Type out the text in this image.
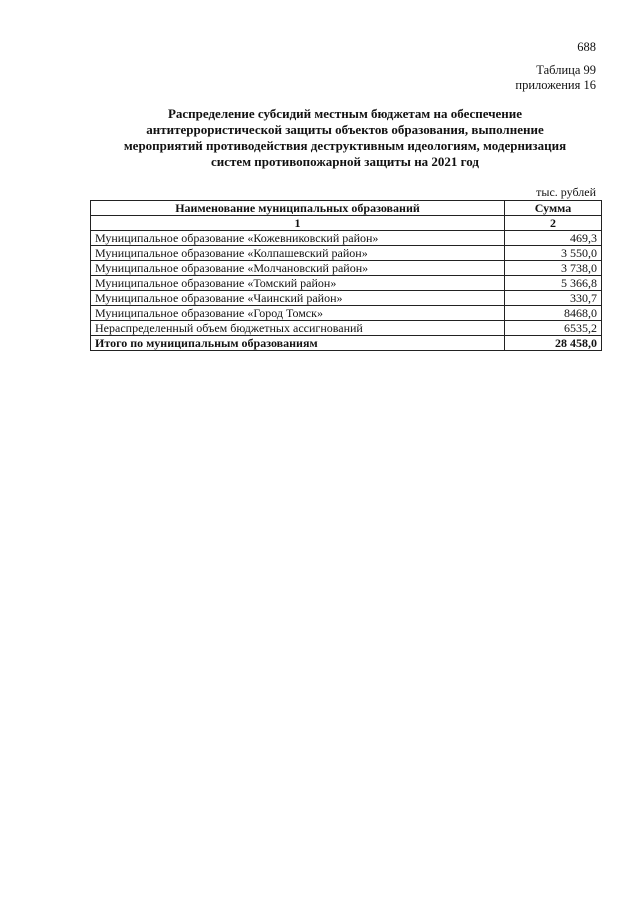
688
Таблица 99
приложения 16
Распределение субсидий местным бюджетам на обеспечение
антитеррористической защиты объектов образования, выполнение
мероприятий противодействия деструктивным идеологиям, модернизация
систем противопожарной защиты на 2021 год
тыс. рублей
Наименование муниципальных образований	Сумма
1	2
Муниципальное образование «Кожевниковский район»	469,3
Муниципальное образование «Колпашевский район»	3 550,0
Муниципальное образование «Молчановский район»	3 738,0
Муниципальное образование «Томский район»	5 366,8
Муниципальное образование «Чаинский район»	330,7
Муниципальное образование «Город Томск»	8468,0
Нераспределенный объем бюджетных ассигнований	6535,2
Итого по муниципальным образованиям	28 458,0
